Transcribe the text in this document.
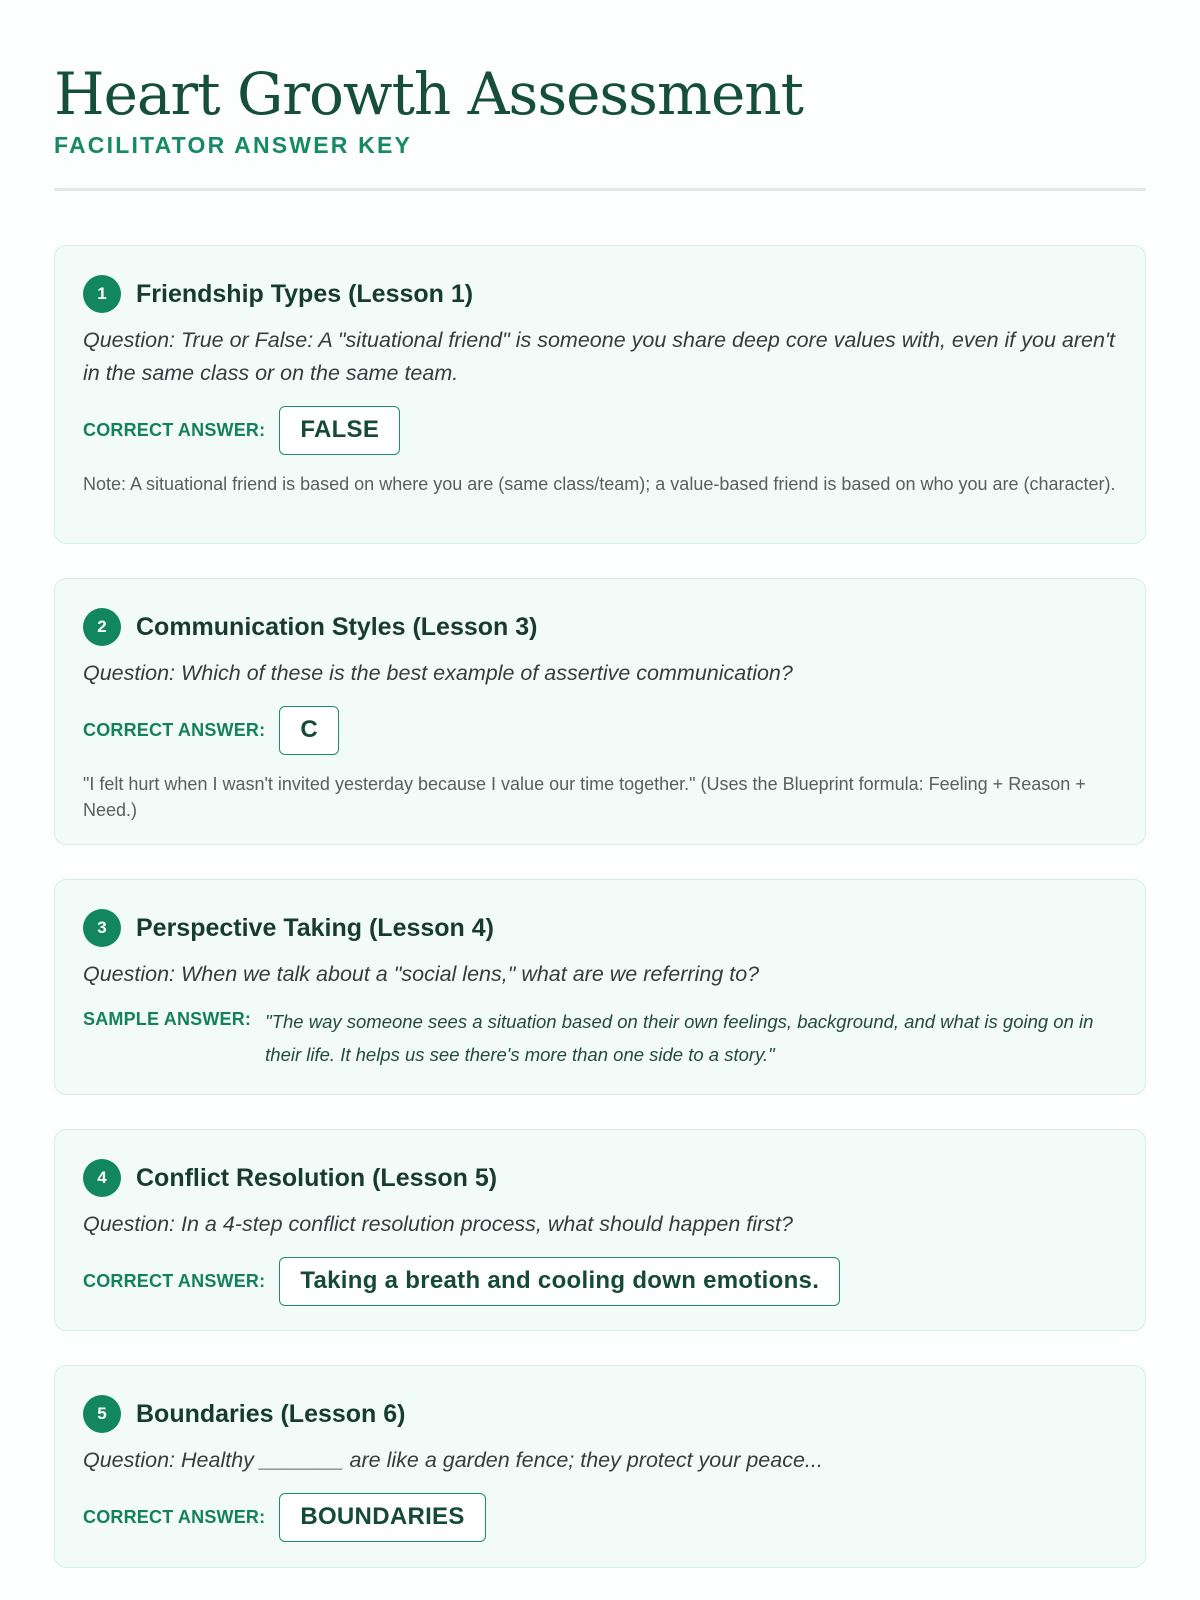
Heart Growth Assessment
FACILITATOR ANSWER KEY
1	Friendship Types (Lesson 1)

Question: True or False: A "situational friend" is someone you share deep core values with, even if you aren't in the same class or on the same team.

CORRECT ANSWER:	FALSE

Note: A situational friend is based on where you are (same class/team); a value-based friend is based on who you are (character).

2	Communication Styles (Lesson 3)

Question: Which of these is the best example of assertive communication?

CORRECT ANSWER:	C

"I felt hurt when I wasn't invited yesterday because I value our time together." (Uses the Blueprint formula: Feeling + Reason + Need.)

3	Perspective Taking (Lesson 4)

Question: When we talk about a "social lens," what are we referring to?

SAMPLE ANSWER: "The way someone sees a situation based on their own feelings, background, and what is going on in their life. It helps us see there's more than one side to a story."
4	Conflict Resolution (Lesson 5)

Question: In a 4-step conflict resolution process, what should happen first?

CORRECT ANSWER:	Taking a breath and cooling down emotions.
5	Boundaries (Lesson 6)

Question: Healthy _______ are like a garden fence; they protect your peace...

CORRECT ANSWER:	BOUNDARIES
